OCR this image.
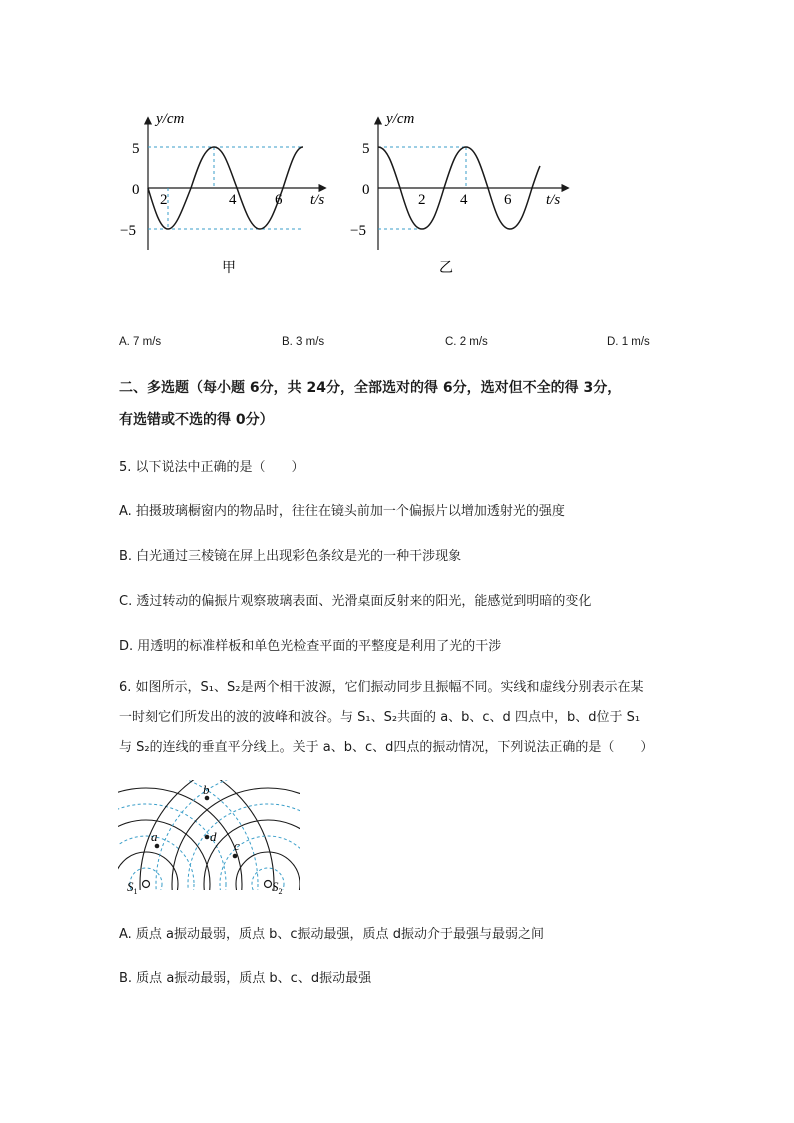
y/cm
t/s
5
0
−5
2	4	6
甲
y/cm
t/s
5
0
−5
2 4 6
乙
A. 7 m/s	B. 3 m/s	C. 2 m/s	D. 1 m/s
二、多选题（每小题 6分，共 24分，全部选对的得 6分，选对但不全的得 3分，
有选错或不选的得 0分）
5. 以下说法中正确的是（　　）
A. 拍摄玻璃橱窗内的物品时，往往在镜头前加一个偏振片以增加透射光的强度
B. 白光通过三棱镜在屏上出现彩色条纹是光的一种干涉现象
C. 透过转动的偏振片观察玻璃表面、光滑桌面反射来的阳光，能感觉到明暗的变化
D. 用透明的标准样板和单色光检查平面的平整度是利用了光的干涉
6. 如图所示，S₁、S₂是两个相干波源，它们振动同步且振幅不同。实线和虚线分别表示在某
一时刻它们所发出的波的波峰和波谷。与 S₁、S₂共面的 a、b、c、d 四点中，b、d位于 S₁
与 S₂的连线的垂直平分线上。关于 a、b、c、d四点的振动情况，下列说法正确的是（　　）
a
b
c
d
$S_1$	$S_2$
A. 质点 a振动最弱，质点 b、c振动最强，质点 d振动介于最强与最弱之间
B. 质点 a振动最弱，质点 b、c、d振动最强
